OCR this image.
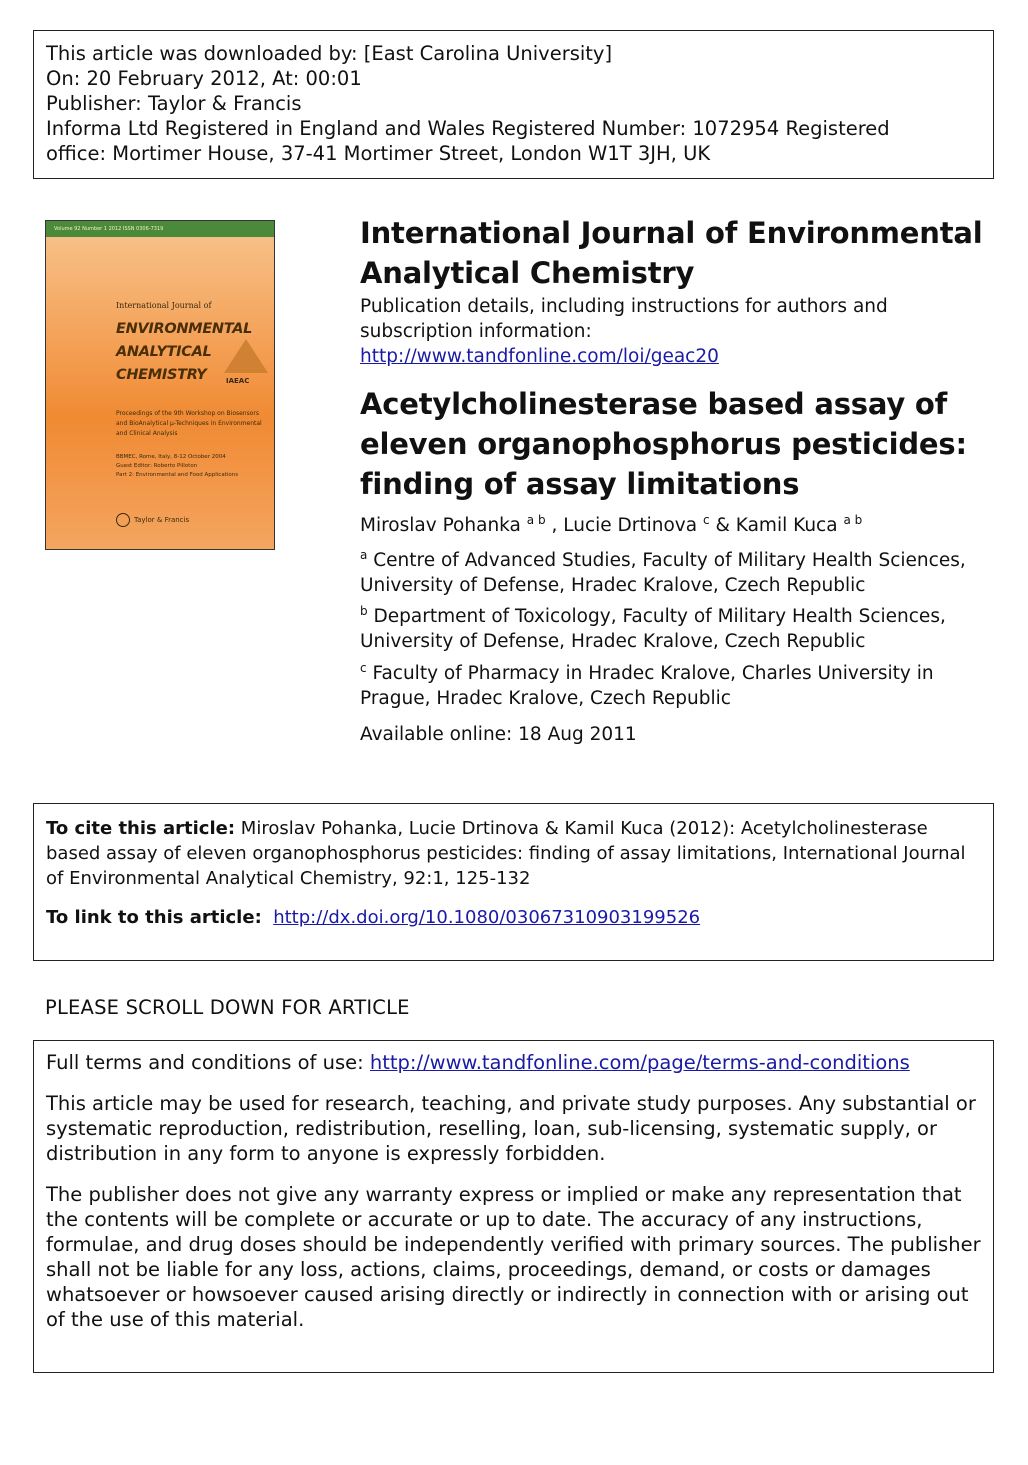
This article was downloaded by: [East Carolina University]
On: 20 February 2012, At: 00:01
Publisher: Taylor & Francis
Informa Ltd Registered in England and Wales Registered Number: 1072954 Registered
office: Mortimer House, 37-41 Mortimer Street, London W1T 3JH, UK
Volume 92 Number 1 2012 ISSN 0306-7319
International Journal of
ENVIRONMENTAL
ANALYTICAL
CHEMISTRY	IAEAC
Proceedings of the 9th Workshop on Biosensors and BioAnalytical µ-Techniques in Environmental and Clinical Analysis
BBMEC, Rome, Italy, 8-12 October 2004
Guest Editor: Roberto Pilloton
Part 2: Environmental and Food Applications
Taylor & Francis
International Journal of Environmental Analytical Chemistry
Publication details, including instructions for authors and subscription information:
http://www.tandfonline.com/loi/geac20
Acetylcholinesterase based assay of eleven organophosphorus pesticides: finding of assay limitations
Miroslav Pohanka $^{a b}$ , Lucie Drtinova $^c$ & Kamil Kuca $^{a b}$
$^a$ Centre of Advanced Studies, Faculty of Military Health Sciences, University of Defense, Hradec Kralove, Czech Republic
$^b$ Department of Toxicology, Faculty of Military Health Sciences, University of Defense, Hradec Kralove, Czech Republic
$^c$ Faculty of Pharmacy in Hradec Kralove, Charles University in Prague, Hradec Kralove, Czech Republic
Available online: 18 Aug 2011
To cite this article: Miroslav Pohanka, Lucie Drtinova & Kamil Kuca (2012): Acetylcholinesterase based assay of eleven organophosphorus pesticides: finding of assay limitations, International Journal of Environmental Analytical Chemistry, 92:1, 125-132
To link to this article: http://dx.doi.org/10.1080/03067310903199526
PLEASE SCROLL DOWN FOR ARTICLE

Full terms and conditions of use: http://www.tandfonline.com/page/terms-and-conditions

This article may be used for research, teaching, and private study purposes. Any substantial or systematic reproduction, redistribution, reselling, loan, sub-licensing, systematic supply, or distribution in any form to anyone is expressly forbidden.

The publisher does not give any warranty express or implied or make any representation that the contents will be complete or accurate or up to date. The accuracy of any instructions, formulae, and drug doses should be independently verified with primary sources. The publisher shall not be liable for any loss, actions, claims, proceedings, demand, or costs or damages whatsoever or howsoever caused arising directly or indirectly in connection with or arising out of the use of this material.
